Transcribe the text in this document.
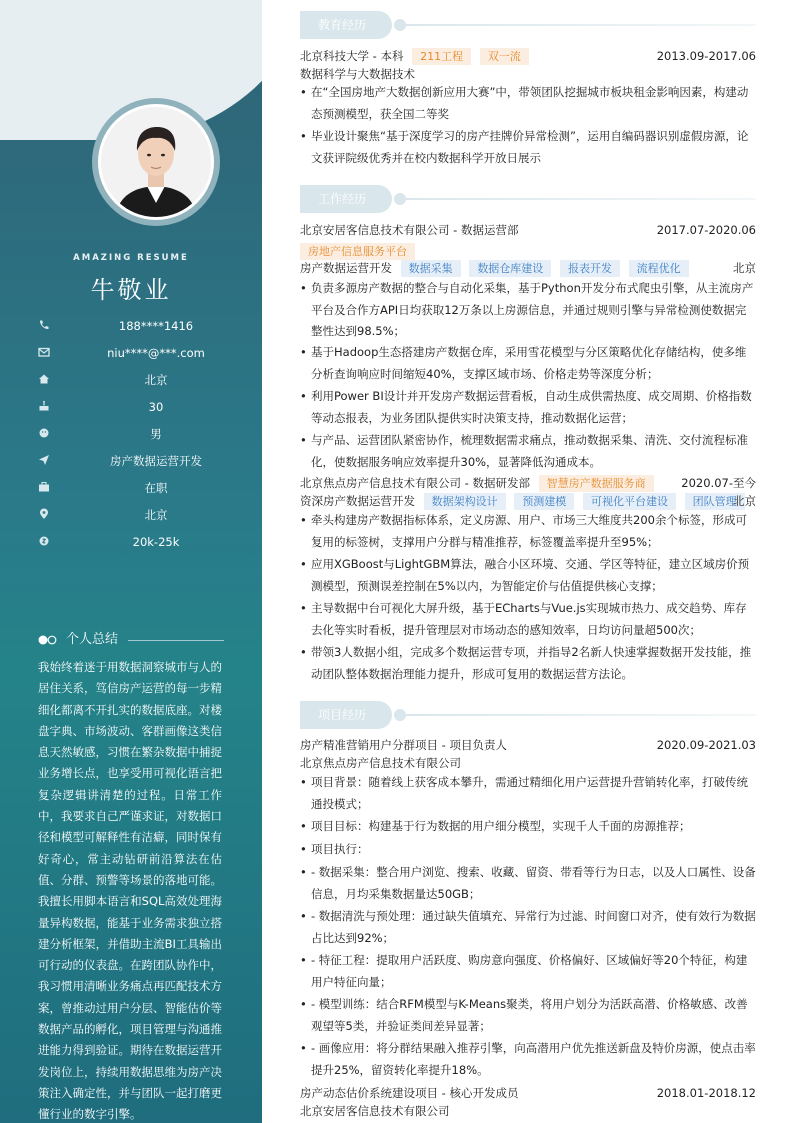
AMAZING RESUME
牛敬业
188****1416
niu****@***.com
北京
30
男
房产数据运营开发
在职
北京
20k-25k
个人总结
我始终着迷于用数据洞察城市与人的居住关系，笃信房产运营的每一步精细化都离不开扎实的数据底座。对楼盘字典、市场波动、客群画像这类信息天然敏感，习惯在繁杂数据中捕捉业务增长点，也享受用可视化语言把复杂逻辑讲清楚的过程。日常工作中，我要求自己严谨求证，对数据口径和模型可解释性有洁癖，同时保有好奇心，常主动钻研前沿算法在估值、分群、预警等场景的落地可能。我擅长用脚本语言和SQL高效处理海量异构数据，能基于业务需求独立搭建分析框架，并借助主流BI工具输出可行动的仪表盘。在跨团队协作中，我习惯用清晰业务痛点再匹配技术方案，曾推动过用户分层、智能估价等数据产品的孵化，项目管理与沟通推进能力得到验证。期待在数据运营开发岗位上，持续用数据思维为房产决策注入确定性，并与团队一起打磨更懂行业的数字引擎。
教育经历
北京科技大学 - 本科 211工程 双一流	2013.09-2017.06
数据科学与大数据技术
• 在“全国房地产大数据创新应用大赛”中，带领团队挖掘城市板块租金影响因素，构建动态预测模型，获全国二等奖
• 毕业设计聚焦“基于深度学习的房产挂牌价异常检测”，运用自编码器识别虚假房源，论文获评院级优秀并在校内数据科学开放日展示
工作经历
北京安居客信息技术有限公司 - 数据运营部	2017.07-2020.06
房地产信息服务平台
房产数据运营开发 数据采集 数据仓库建设 报表开发 流程优化	北京
• 负责多源房产数据的整合与自动化采集，基于Python开发分布式爬虫引擎，从主流房产平台及合作方API日均获取12万条以上房源信息，并通过规则引擎与异常检测使数据完整性达到98.5%；
• 基于Hadoop生态搭建房产数据仓库，采用雪花模型与分区策略优化存储结构，使多维分析查询响应时间缩短40%，支撑区域市场、价格走势等深度分析；
• 利用Power BI设计并开发房产数据运营看板，自动生成供需热度、成交周期、价格指数等动态报表，为业务团队提供实时决策支持，推动数据化运营；
• 与产品、运营团队紧密协作，梳理数据需求痛点，推动数据采集、清洗、交付流程标准化，使数据服务响应效率提升30%，显著降低沟通成本。
北京焦点房产信息技术有限公司 - 数据研发部 智慧房产数据服务商	2020.07-至今
资深房产数据运营开发 数据架构设计 预测建模 可视化平台建设 团队管理
北京
• 牵头构建房产数据指标体系，定义房源、用户、市场三大维度共200余个标签，形成可复用的标签树，支撑用户分群与精准推荐，标签覆盖率提升至95%；
• 应用XGBoost与LightGBM算法，融合小区环境、交通、学区等特征，建立区域房价预测模型，预测误差控制在5%以内，为智能定价与估值提供核心支撑；
• 主导数据中台可视化大屏升级，基于ECharts与Vue.js实现城市热力、成交趋势、库存去化等实时看板，提升管理层对市场动态的感知效率，日均访问量超500次；
• 带领3人数据小组，完成多个数据运营专项，并指导2名新人快速掌握数据开发技能，推动团队整体数据治理能力提升，形成可复用的数据运营方法论。
项目经历
房产精准营销用户分群项目 - 项目负责人	2020.09-2021.03
北京焦点房产信息技术有限公司
• 项目背景：随着线上获客成本攀升，需通过精细化用户运营提升营销转化率，打破传统通投模式；
• 项目目标：构建基于行为数据的用户细分模型，实现千人千面的房源推荐；
• 项目执行：
• - 数据采集：整合用户浏览、搜索、收藏、留资、带看等行为日志，以及人口属性、设备信息，月均采集数据量达50GB；
• - 数据清洗与预处理：通过缺失值填充、异常行为过滤、时间窗口对齐，使有效行为数据占比达到92%；
• - 特征工程：提取用户活跃度、购房意向强度、价格偏好、区域偏好等20个特征，构建用户特征向量；
• - 模型训练：结合RFM模型与K-Means聚类，将用户划分为活跃高潜、价格敏感、改善观望等5类，并验证类间差异显著；
• - 画像应用：将分群结果融入推荐引擎，向高潜用户优先推送新盘及特价房源，使点击率提升25%，留资转化率提升18%。
房产动态估价系统建设项目 - 核心开发成员	2018.01-2018.12
北京安居客信息技术有限公司
